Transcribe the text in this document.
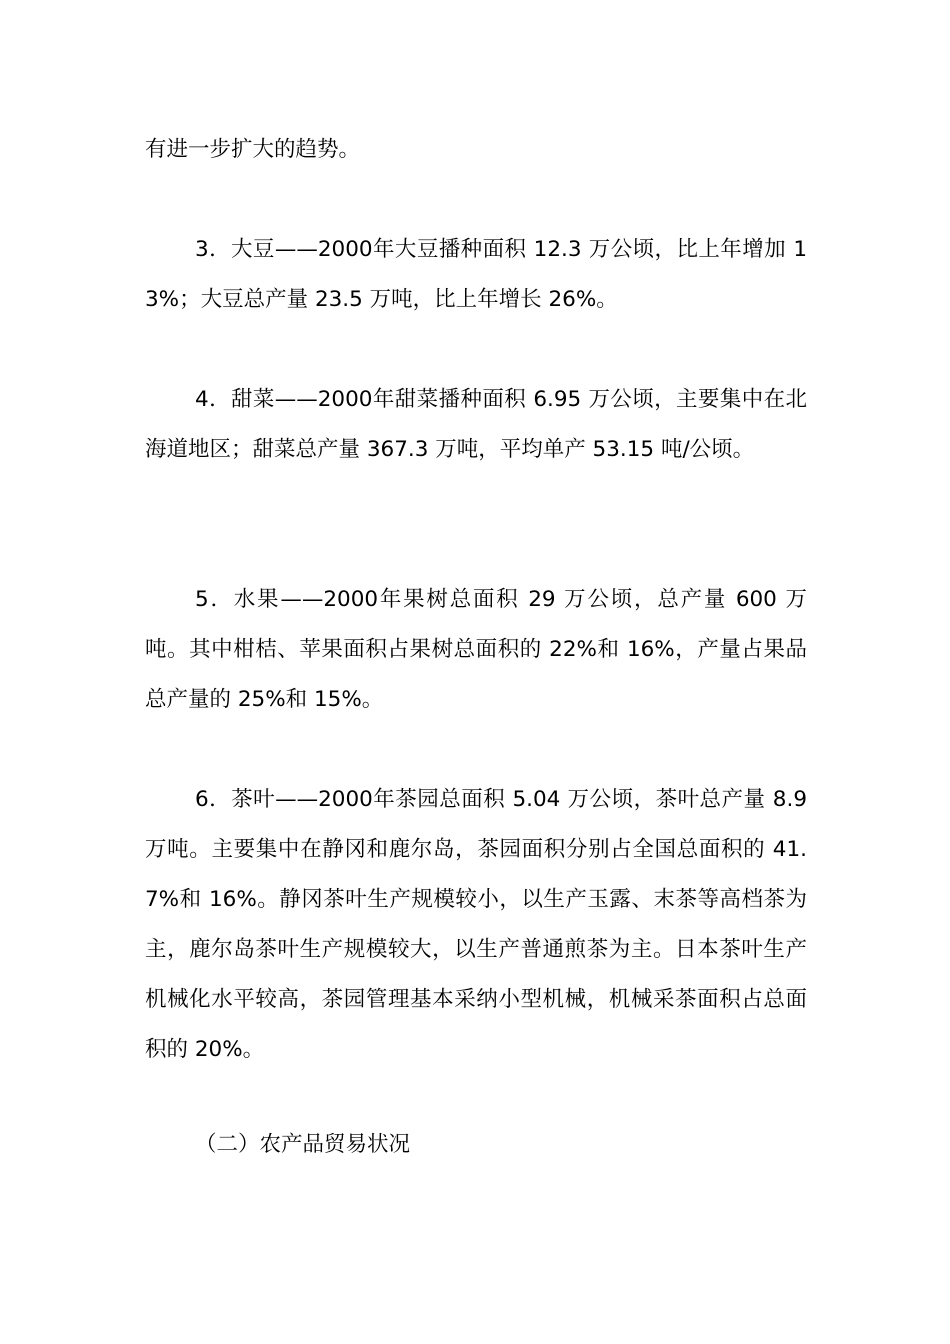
有进一步扩大的趋势。

3．大豆——2000年大豆播种面积 12.3 万公顷，比上年增加 13%；大豆总产量 23.5 万吨，比上年增长 26%。

4．甜菜——2000年甜菜播种面积 6.95 万公顷，主要集中在北海道地区；甜菜总产量 367.3 万吨，平均单产 53.15 吨/公顷。

5．水果——2000年果树总面积 29 万公顷，总产量 600 万吨。其中柑桔、苹果面积占果树总面积的 22%和 16%，产量占果品总产量的 25%和 15%。

6．茶叶——2000年茶园总面积 5.04 万公顷，茶叶总产量 8.9 万吨。主要集中在静冈和鹿尔岛，茶园面积分别占全国总面积的 41.7%和 16%。静冈茶叶生产规模较小，以生产玉露、末茶等高档茶为主，鹿尔岛茶叶生产规模较大，以生产普通煎茶为主。日本茶叶生产机械化水平较高，茶园管理基本采纳小型机械，机械采茶面积占总面积的 20%。

（二）农产品贸易状况
